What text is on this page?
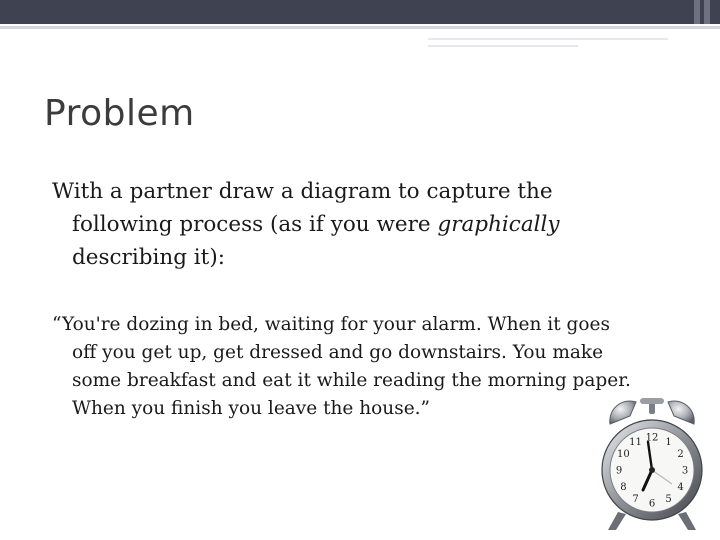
Problem

With a partner draw a diagram to capture the
following process (as if you were graphically
describing it):

“You're dozing in bed, waiting for your alarm. When it goes
off you get up, get dressed and go downstairs. You make
some breakfast and eat it while reading the morning paper.
When you finish you leave the house.”

12 1
2
3
4
5
6
7
8
9
10
11
